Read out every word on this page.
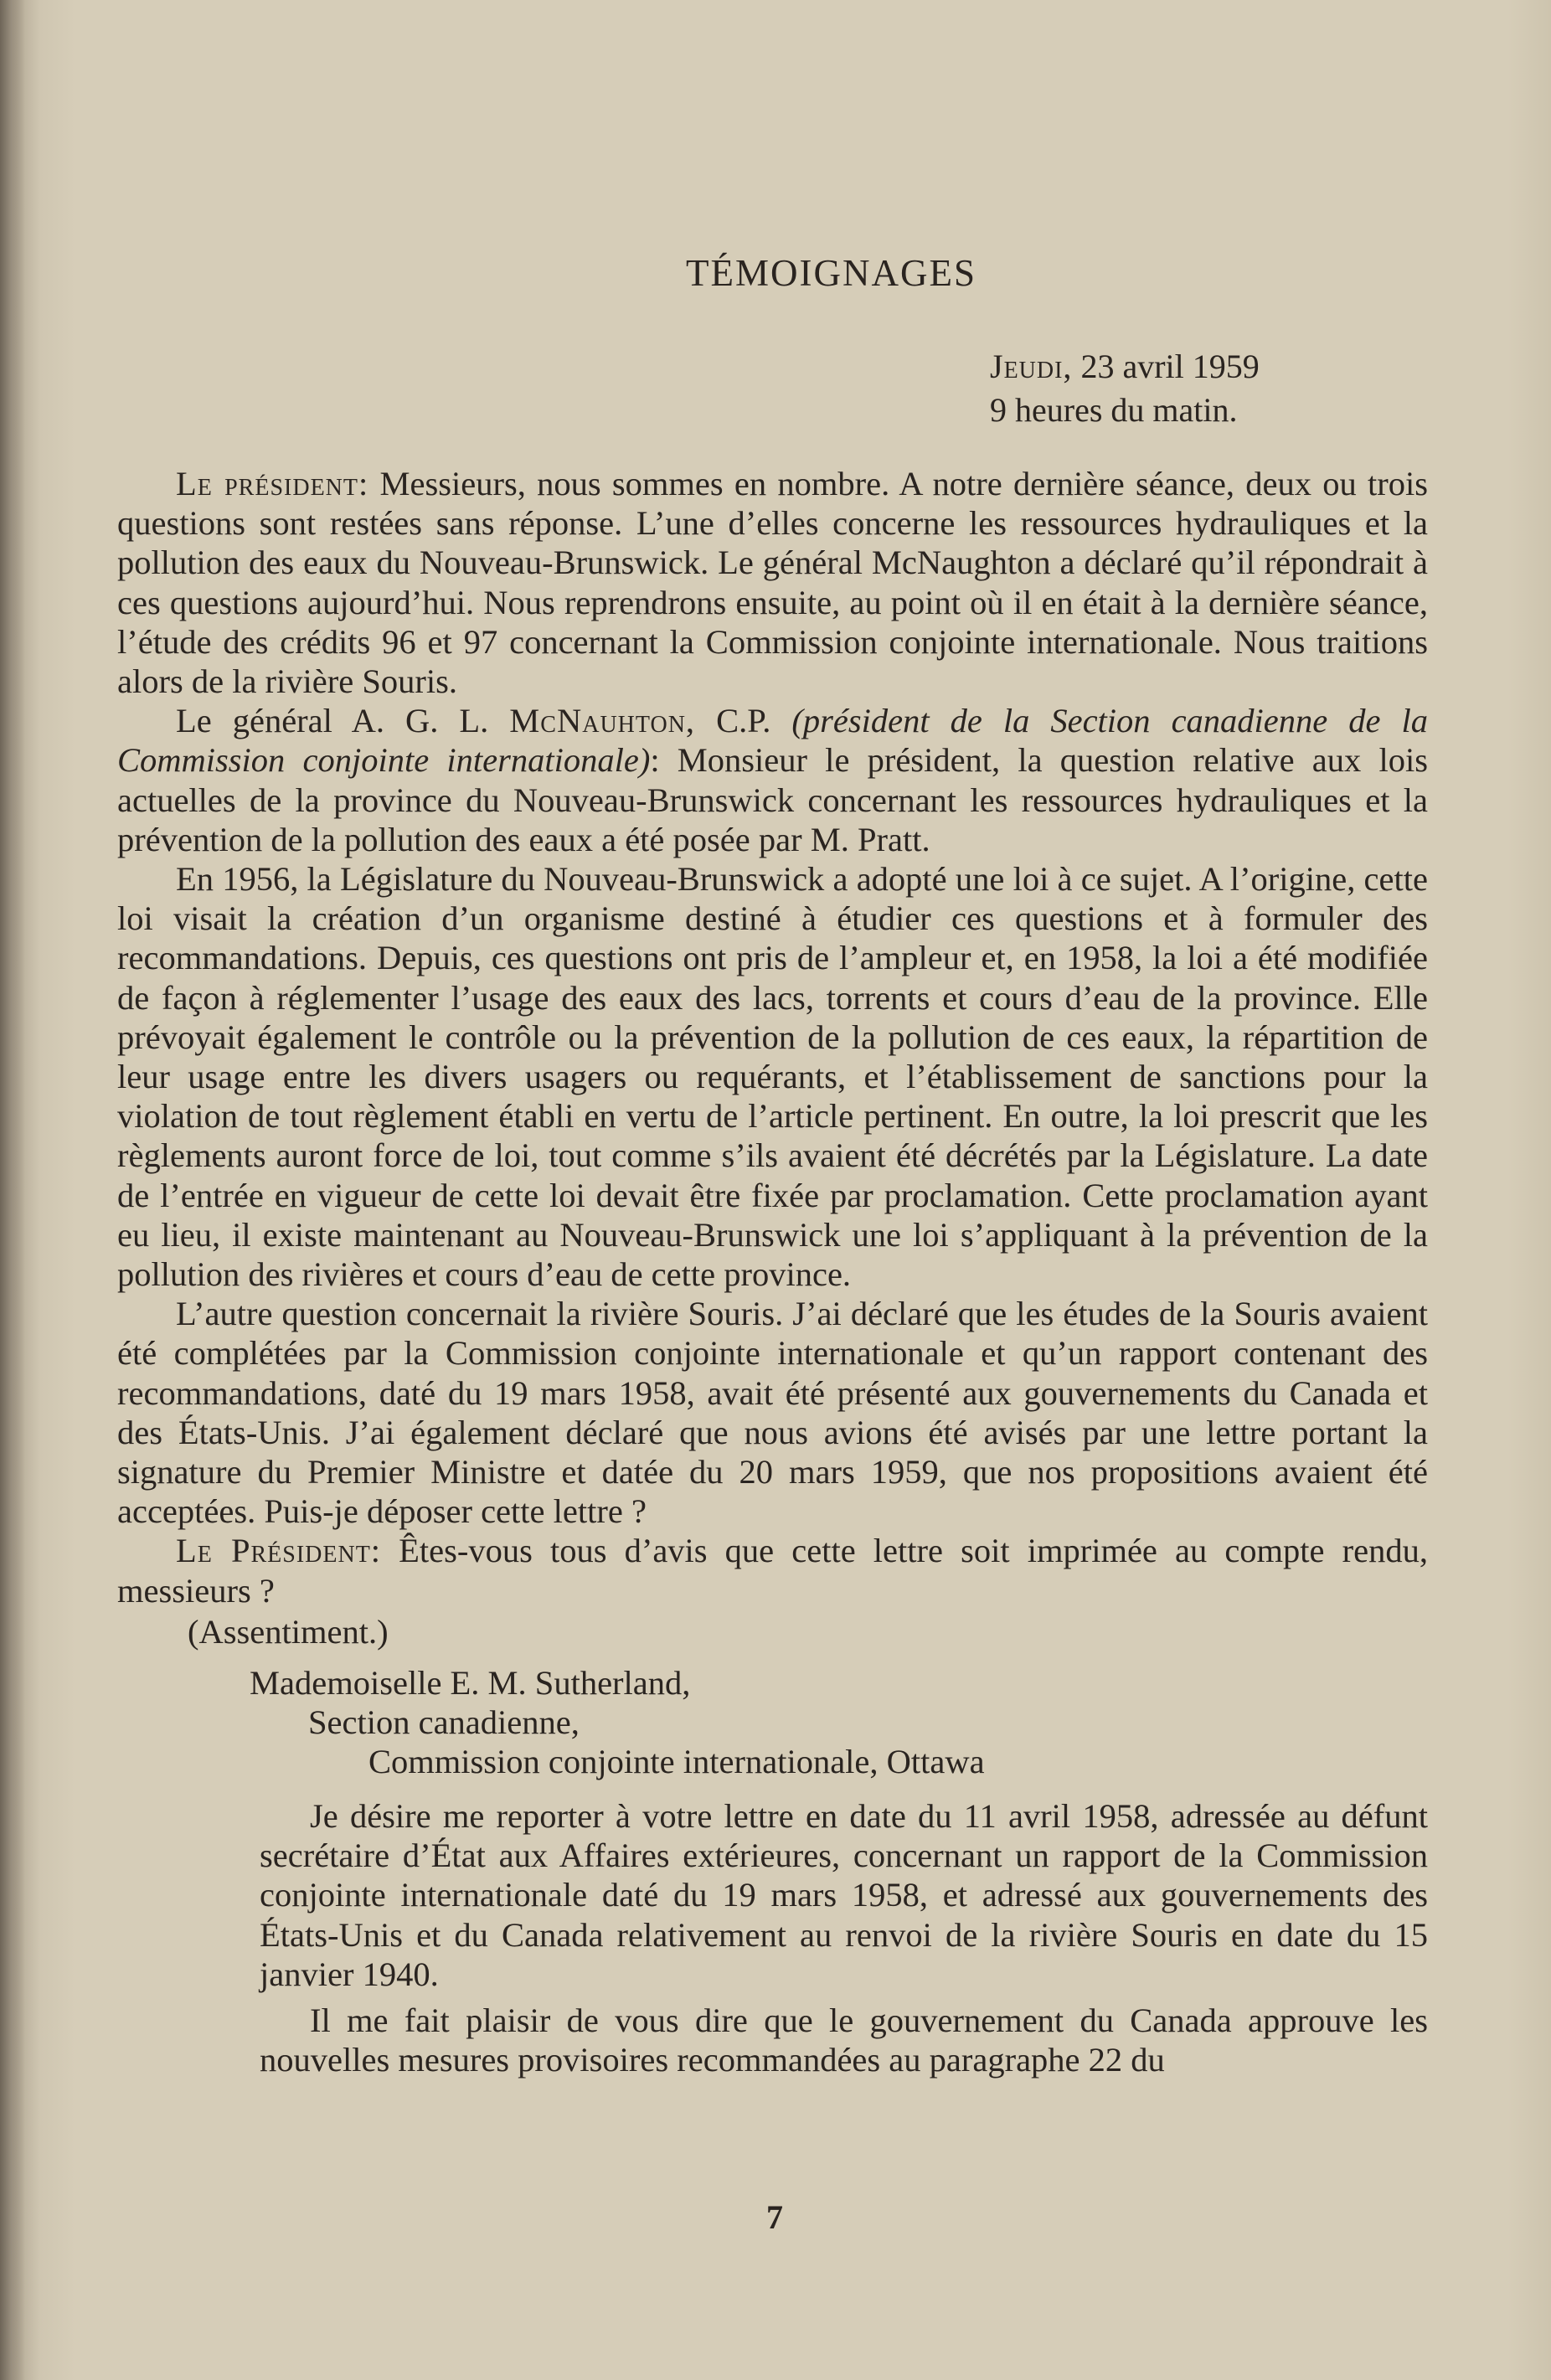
TÉMOIGNAGES
Jeudi, 23 avril 1959
9 heures du matin.

Le président: Messieurs, nous sommes en nombre. A notre dernière séance, deux ou trois questions sont restées sans réponse. L’une d’elles concerne les ressources hydrauliques et la pollution des eaux du Nouveau-Brunswick. Le général McNaughton a déclaré qu’il répondrait à ces questions aujourd’hui. Nous reprendrons ensuite, au point où il en était à la dernière séance, l’étude des crédits 96 et 97 concernant la Commission conjointe internationale. Nous traitions alors de la rivière Souris.

Le général A. G. L. McNauhton, C.P. (président de la Section canadienne de la Commission conjointe internationale): Monsieur le président, la question relative aux lois actuelles de la province du Nouveau-Brunswick concernant les ressources hydrauliques et la prévention de la pollution des eaux a été posée par M. Pratt.

En 1956, la Législature du Nouveau-Brunswick a adopté une loi à ce sujet. A l’origine, cette loi visait la création d’un organisme destiné à étudier ces questions et à formuler des recommandations. Depuis, ces questions ont pris de l’ampleur et, en 1958, la loi a été modifiée de façon à réglementer l’usage des eaux des lacs, torrents et cours d’eau de la province. Elle prévoyait également le contrôle ou la prévention de la pollution de ces eaux, la répartition de leur usage entre les divers usagers ou requérants, et l’établissement de sanctions pour la violation de tout règlement établi en vertu de l’article pertinent. En outre, la loi prescrit que les règlements auront force de loi, tout comme s’ils avaient été décrétés par la Législature. La date de l’entrée en vigueur de cette loi devait être fixée par proclamation. Cette proclamation ayant eu lieu, il existe maintenant au Nouveau-Brunswick une loi s’appliquant à la prévention de la pollution des rivières et cours d’eau de cette province.

L’autre question concernait la rivière Souris. J’ai déclaré que les études de la Souris avaient été complétées par la Commission conjointe internationale et qu’un rapport contenant des recommandations, daté du 19 mars 1958, avait été présenté aux gouvernements du Canada et des États-Unis. J’ai également déclaré que nous avions été avisés par une lettre portant la signature du Premier Ministre et datée du 20 mars 1959, que nos propositions avaient été acceptées. Puis-je déposer cette lettre ?

Le Président: Êtes-vous tous d’avis que cette lettre soit imprimée au compte rendu, messieurs ?

(Assentiment.)
Mademoiselle E. M. Sutherland,
Section canadienne,
Commission conjointe internationale, Ottawa

Je désire me reporter à votre lettre en date du 11 avril 1958, adressée au défunt secrétaire d’État aux Affaires extérieures, concernant un rapport de la Commission conjointe internationale daté du 19 mars 1958, et adressé aux gouvernements des États-Unis et du Canada relativement au renvoi de la rivière Souris en date du 15 janvier 1940.

Il me fait plaisir de vous dire que le gouvernement du Canada approuve les nouvelles mesures provisoires recommandées au paragraphe 22 du

7
